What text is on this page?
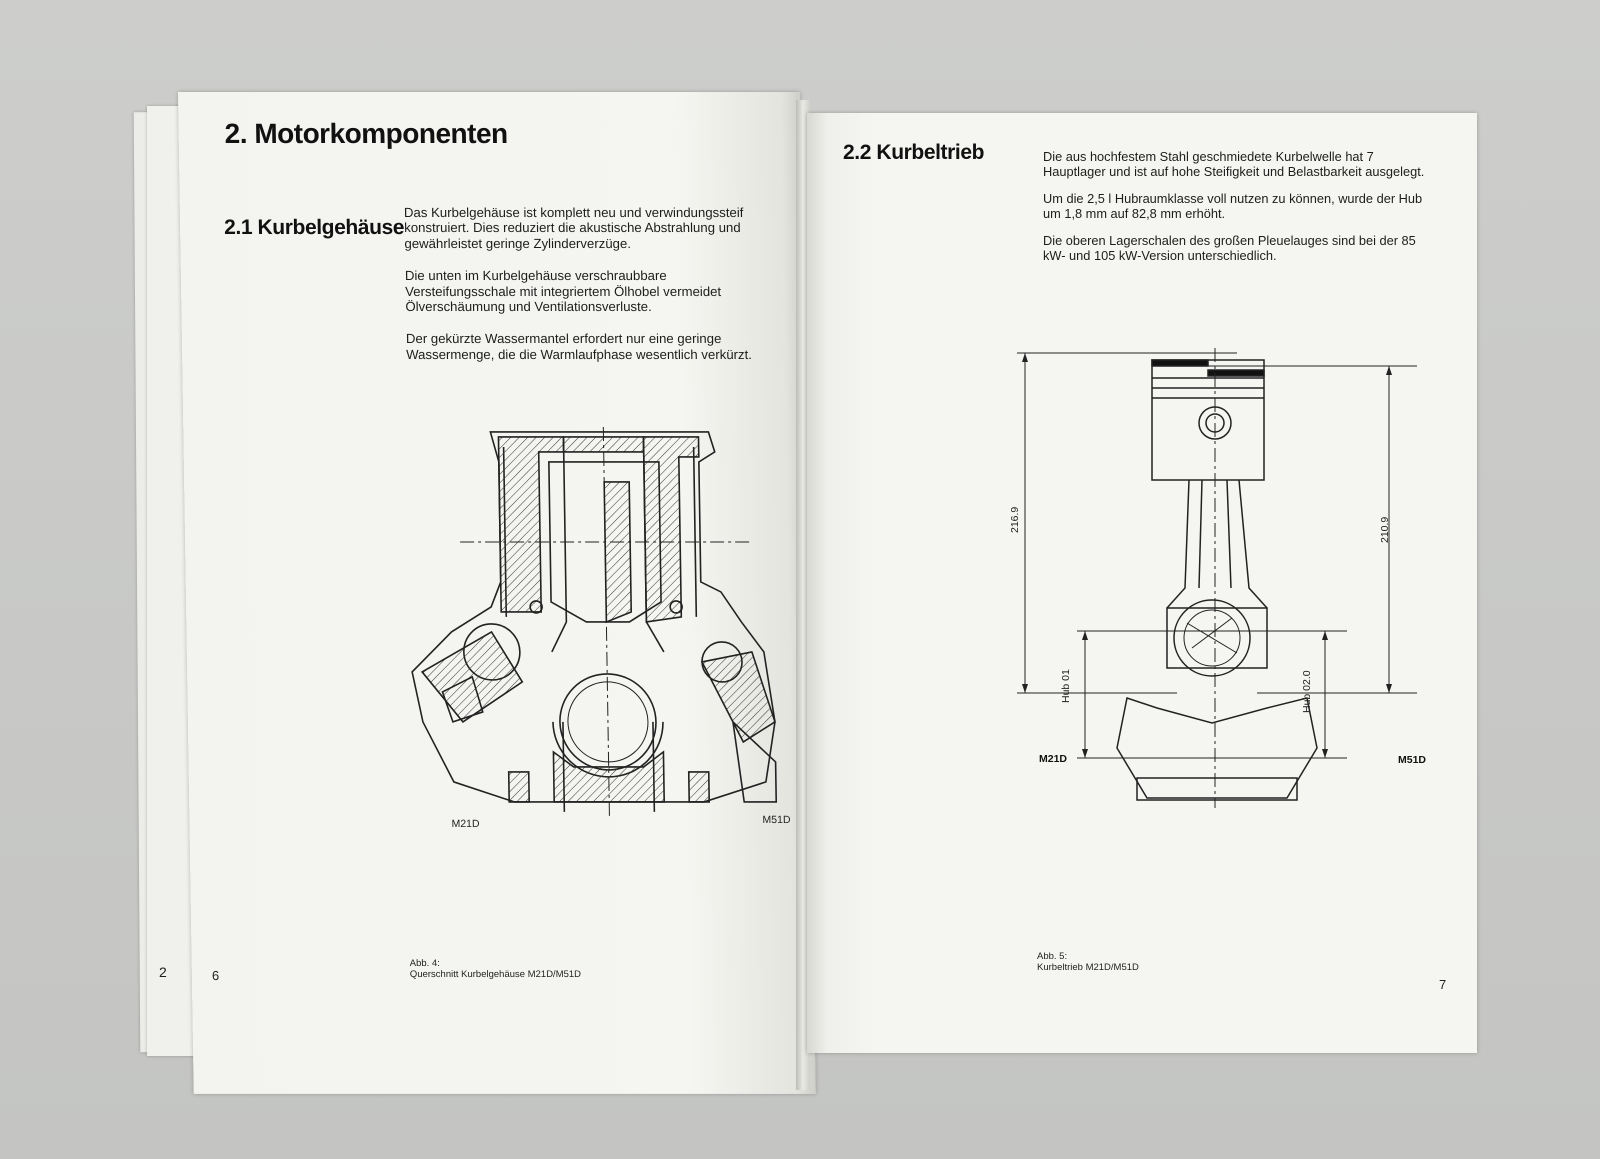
2
2. Motorkomponenten
2.1 Kurbelgehäuse

Das Kurbelgehäuse ist komplett neu und verwindungssteif konstruiert. Dies reduziert die akustische Abstrahlung und gewährleistet geringe Zylinderverzüge.

Die unten im Kurbelgehäuse verschraubbare Versteifungsschale mit integriertem Ölhobel vermeidet Ölverschäumung und Ventilationsverluste.

Der gekürzte Wassermantel erfordert nur eine geringe Wassermenge, die die Warmlaufphase wesentlich verkürzt.

M21D	M51D
Abb. 4:
Querschnitt Kurbelgehäuse M21D/M51D
6
2.2 Kurbeltrieb	Die aus hochfestem Stahl geschmiedete Kurbelwelle hat 7 Hauptlager und ist auf hohe Steifigkeit und Belastbarkeit ausgelegt.

Um die 2,5 l Hubraumklasse voll nutzen zu können, wurde der Hub um 1,8 mm auf 82,8 mm erhöht.

Die oberen Lagerschalen des großen Pleuelauges sind bei der 85 kW- und 105 kW-Version unterschiedlich.

216.9	210.9
Hub 01	Hub 02.0
M21D	M51D
Abb. 5:
Kurbeltrieb M21D/M51D
7
